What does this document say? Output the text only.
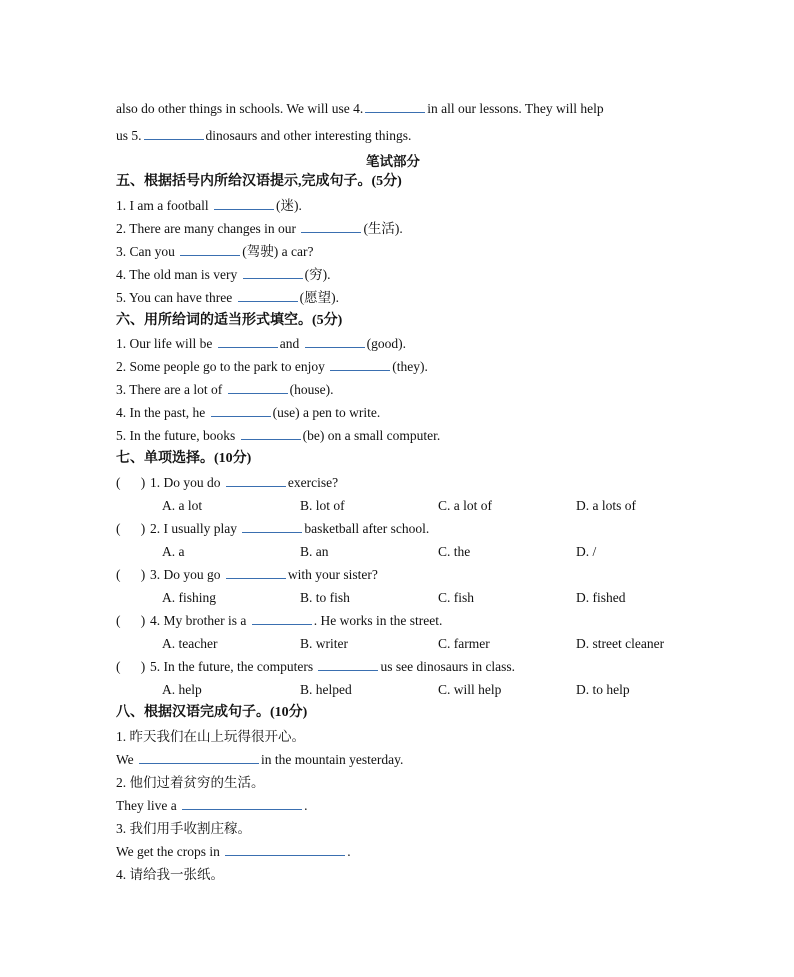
also do other things in schools. We will use 4.	in all our lessons. They will help
us 5.	dinosaurs and other interesting things.
笔试部分
五、根据括号内所给汉语提示,完成句子。(5分)
1. I am a football	(迷).
2. There are many changes in our	(生活).
3. Can you	(驾驶) a car?
4. The old man is very	(穷).
5. You can have three	(愿望).
六、用所给词的适当形式填空。(5分)
1. Our life will be	and	(good).
2. Some people go to the park to enjoy	(they).
3. There are a lot of	(house).
4. In the past, he	(use) a pen to write.
5. In the future, books	(be) on a small computer.
七、单项选择。(10分)
( ) 1. Do you do	exercise?
A. a lot	B. lot of	C. a lot of	D. a lots of
( ) 2. I usually play	basketball after school.
A. a	B. an	C. the	D. /
( ) 3. Do you go	with your sister?
A. fishing	B. to fish	C. fish	D. fished
( ) 4. My brother is a	. He works in the street.
A. teacher	B. writer	C. farmer	D. street cleaner
( ) 5. In the future, the computers	us see dinosaurs in class.
A. help	B. helped	C. will help	D. to help
八、根据汉语完成句子。(10分)
1. 昨天我们在山上玩得很开心。
We	in the mountain yesterday.
2. 他们过着贫穷的生活。
They live a	.
3. 我们用手收割庄稼。
We get the crops in	.
4. 请给我一张纸。
